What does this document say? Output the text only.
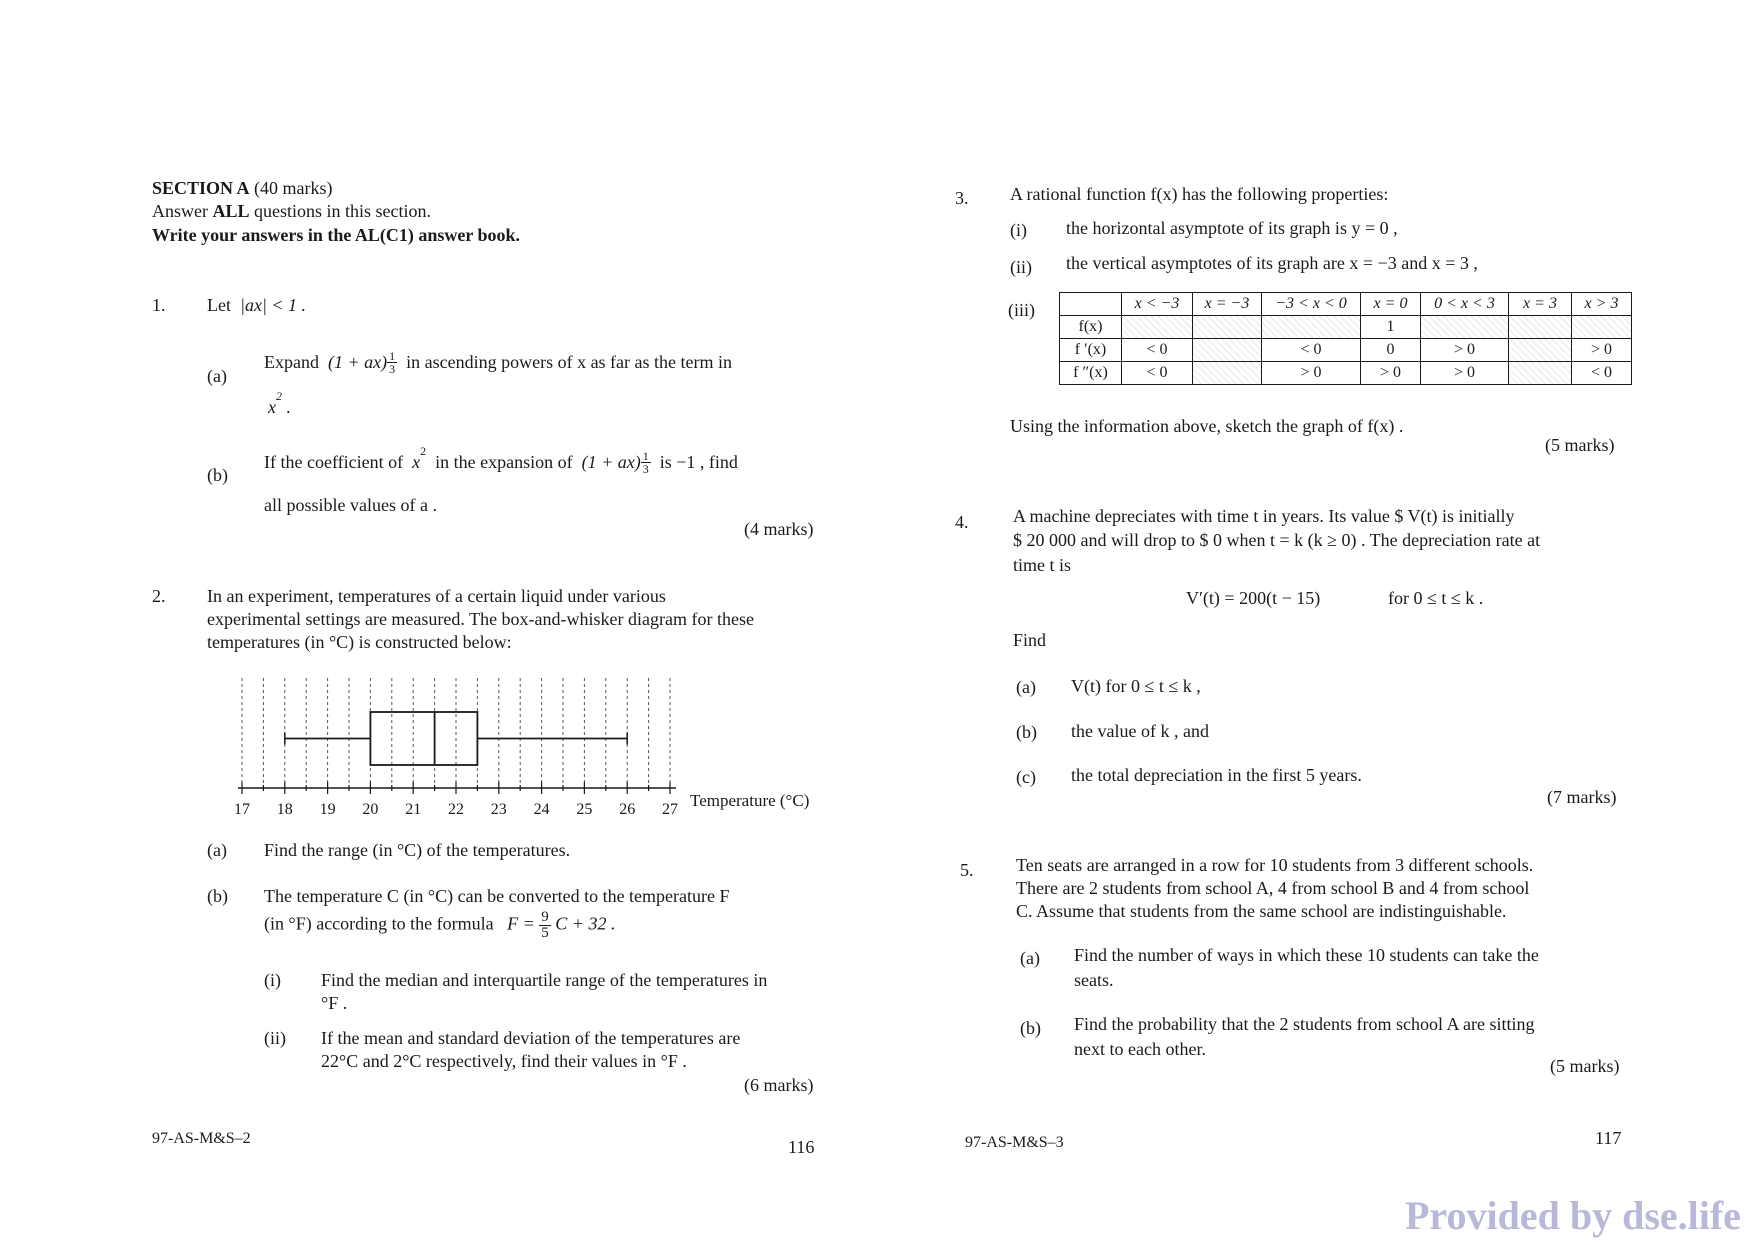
SECTION A (40 marks)
Answer ALL questions in this section.
Write your answers in the AL(C1) answer book.
1. Let |ax| < 1 .
(a)
Expand $(1 + ax) \frac{1}{3}$ in ascending powers of x as far as the term in
$x^2$ .
(b)
If the coefficient of $x^2$  in the expansion of $(1 + ax) \frac{1}{3}$ is −1 , find
all possible values of a .
(4 marks)
2. In an experiment, temperatures of a certain liquid under various
experimental settings are measured. The box-and-whisker diagram for these
temperatures (in °C) is constructed below:
17 18 19 20 21 22 23 24 25 26 27 Temperature (°C)
(a) Find the range (in °C) of the temperatures.
(b) The temperature C (in °C) can be converted to the temperature F
(in °F) according to the formula $F = \frac{9}{5}$ C + 32 .
(i) Find the median and interquartile range of the temperatures in
°F .
(ii) If the mean and standard deviation of the temperatures are
22°C and 2°C respectively, find their values in °F .
(6 marks)
97-AS-M&S–2	116
3. A rational function f(x) has the following properties:
(i) the horizontal asymptote of its graph is y = 0 ,
(ii) the vertical asymptotes of its graph are x = −3 and x = 3 ,
(iii)
		x < −3	x = −3	−3 < x < 0	x = 0	0 < x < 3	x = 3	x > 3
f(x)				1			
f ′(x)	< 0		< 0	0	> 0		> 0
f ″(x)	< 0		> 0	> 0	> 0		< 0
Using the information above, sketch the graph of f(x) .
(5 marks)
4. A machine depreciates with time t in years. Its value $ V(t) is initially
$ 20 000 and will drop to $ 0 when t = k (k ≥ 0) . The depreciation rate at
time t is
V′(t) = 200(t − 15)	for 0 ≤ t ≤ k .
Find
(a) V(t) for 0 ≤ t ≤ k ,
(b) the value of k , and
(c) the total depreciation in the first 5 years.
(7 marks)
5. Ten seats are arranged in a row for 10 students from 3 different schools.
There are 2 students from school A, 4 from school B and 4 from school
C. Assume that students from the same school are indistinguishable.
(a) Find the number of ways in which these 10 students can take the
seats.
(b) Find the probability that the 2 students from school A are sitting
next to each other.
(5 marks)
97-AS-M&S–3	117
Provided by dse.life
